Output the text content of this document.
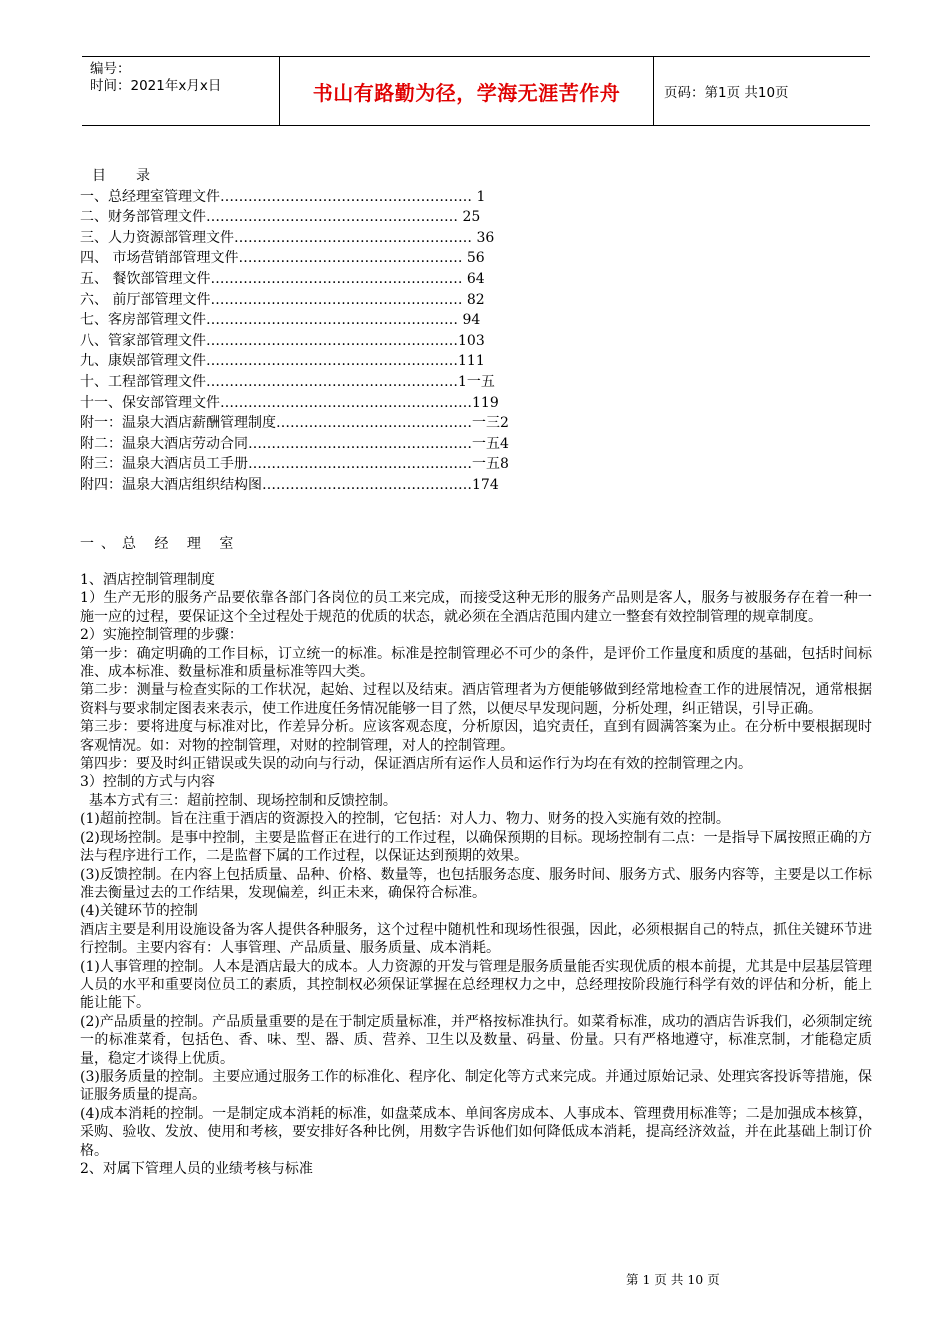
编号：
时间：2021年x月x日	书山有路勤为径，学海无涯苦作舟	页码：第1页 共10页
目 录
一、总经理室管理文件……………………………………………… 1
二、财务部管理文件……………………………………………… 25
三、人力资源部管理文件…………………………………………… 36
四、 市场营销部管理文件………………………………………… 56
五、 餐饮部管理文件……………………………………………… 64
六、 前厅部管理文件……………………………………………… 82
七、客房部管理文件……………………………………………… 94
八、管家部管理文件………………………………………………103
九、康娱部管理文件………………………………………………111
十、工程部管理文件………………………………………………1一五
十一、保安部管理文件………………………………………………119
附一：温泉大酒店薪酬管理制度……………………………………一三2
附二：温泉大酒店劳动合同…………………………………………一五4
附三：温泉大酒店员工手册…………………………………………一五8
附四：温泉大酒店组织结构图………………………………………174
一、总 经 理 室

1、酒店控制管理制度

1）生产无形的服务产品要依靠各部门各岗位的员工来完成，而接受这种无形的服务产品则是客人，服务与被服务存在着一种一施一应的过程，要保证这个全过程处于规范的优质的状态，就必须在全酒店范围内建立一整套有效控制管理的规章制度。

2）实施控制管理的步骤：

第一步：确定明确的工作目标，订立统一的标准。标准是控制管理必不可少的条件，是评价工作量度和质度的基础，包括时间标准、成本标准、数量标准和质量标准等四大类。

第二步：测量与检查实际的工作状况，起始、过程以及结束。酒店管理者为方便能够做到经常地检查工作的进展情况，通常根据资料与要求制定图表来表示，使工作进度任务情况能够一目了然，以便尽早发现问题，分析处理，纠正错误，引导正确。

第三步：要将进度与标准对比，作差异分析。应该客观态度，分析原因，追究责任，直到有圆满答案为止。在分析中要根据现时客观情况。如：对物的控制管理，对财的控制管理，对人的控制管理。

第四步：要及时纠正错误或失误的动向与行动，保证酒店所有运作人员和运作行为均在有效的控制管理之内。

3）控制的方式与内容

基本方式有三：超前控制、现场控制和反馈控制。

(1)超前控制。旨在注重于酒店的资源投入的控制，它包括：对人力、物力、财务的投入实施有效的控制。

(2)现场控制。是事中控制，主要是监督正在进行的工作过程，以确保预期的目标。现场控制有二点：一是指导下属按照正确的方法与程序进行工作，二是监督下属的工作过程，以保证达到预期的效果。

(3)反馈控制。在内容上包括质量、品种、价格、数量等，也包括服务态度、服务时间、服务方式、服务内容等，主要是以工作标准去衡量过去的工作结果，发现偏差，纠正未来，确保符合标准。

(4)关键环节的控制

酒店主要是利用设施设备为客人提供各种服务，这个过程中随机性和现场性很强，因此，必须根据自己的特点，抓住关键环节进行控制。主要内容有：人事管理、产品质量、服务质量、成本消耗。

(1)人事管理的控制。人本是酒店最大的成本。人力资源的开发与管理是服务质量能否实现优质的根本前提，尤其是中层基层管理人员的水平和重要岗位员工的素质，其控制权必须保证掌握在总经理权力之中，总经理按阶段施行科学有效的评估和分析，能上能让能下。

(2)产品质量的控制。产品质量重要的是在于制定质量标准，并严格按标准执行。如菜肴标准，成功的酒店告诉我们，必须制定统一的标准菜肴，包括色、香、味、型、器、质、营养、卫生以及数量、码量、份量。只有严格地遵守，标准烹制，才能稳定质量，稳定才谈得上优质。

(3)服务质量的控制。主要应通过服务工作的标准化、程序化、制定化等方式来完成。并通过原始记录、处理宾客投诉等措施，保证服务质量的提高。

(4)成本消耗的控制。一是制定成本消耗的标准，如盘菜成本、单间客房成本、人事成本、管理费用标准等；二是加强成本核算，采购、验收、发放、使用和考核，要安排好各种比例，用数字告诉他们如何降低成本消耗，提高经济效益，并在此基础上制订价格。

2、对属下管理人员的业绩考核与标准

第 1 页 共 10 页
